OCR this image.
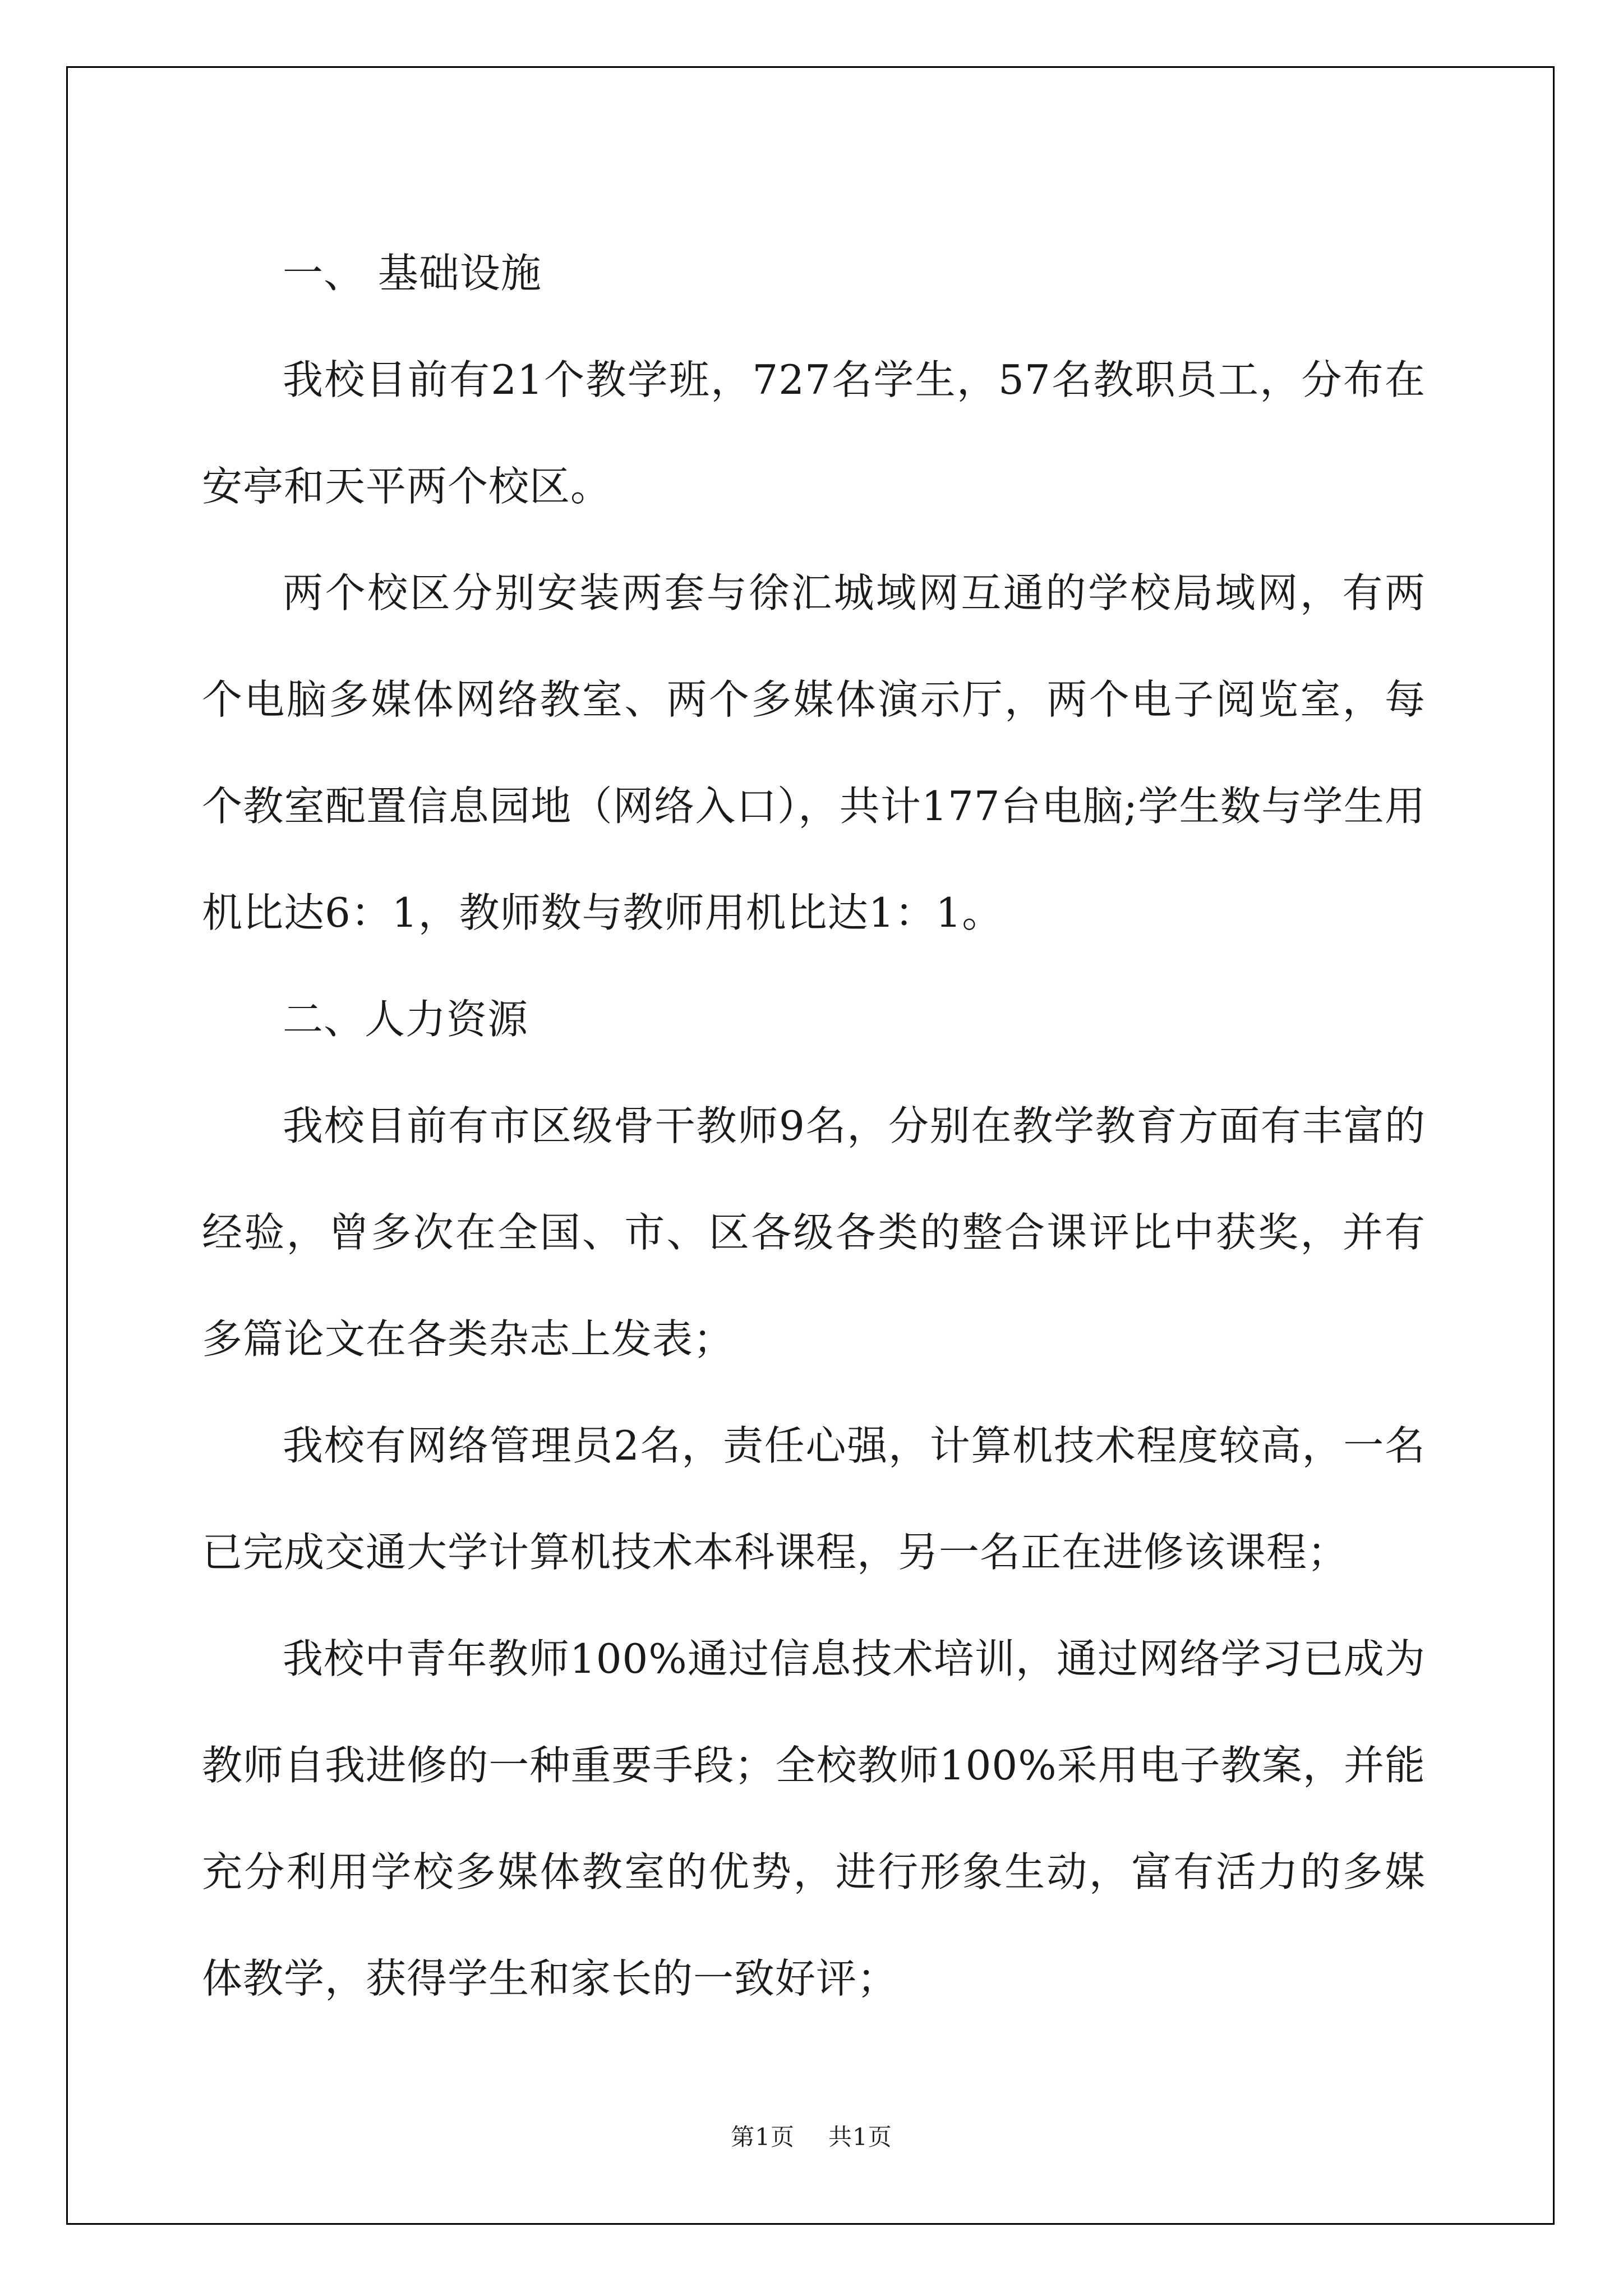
一、 基础设施

我校目前有21个教学班，727名学生，57名教职员工，分布在安亭和天平两个校区。

两个校区分别安装两套与徐汇城域网互通的学校局域网，有两个电脑多媒体网络教室、两个多媒体演示厅，两个电子阅览室，每个教室配置信息园地（网络入口），共计177台电脑;学生数与学生用机比达6：1，教师数与教师用机比达1：1。

二、人力资源

我校目前有市区级骨干教师9名，分别在教学教育方面有丰富的经验，曾多次在全国、市、区各级各类的整合课评比中获奖，并有多篇论文在各类杂志上发表；

我校有网络管理员2名，责任心强，计算机技术程度较高，一名已完成交通大学计算机技术本科课程，另一名正在进修该课程；

我校中青年教师100%通过信息技术培训，通过网络学习已成为教师自我进修的一种重要手段；全校教师100%采用电子教案，并能充分利用学校多媒体教室的优势，进行形象生动，富有活力的多媒体教学，获得学生和家长的一致好评；

第1页 共1页
